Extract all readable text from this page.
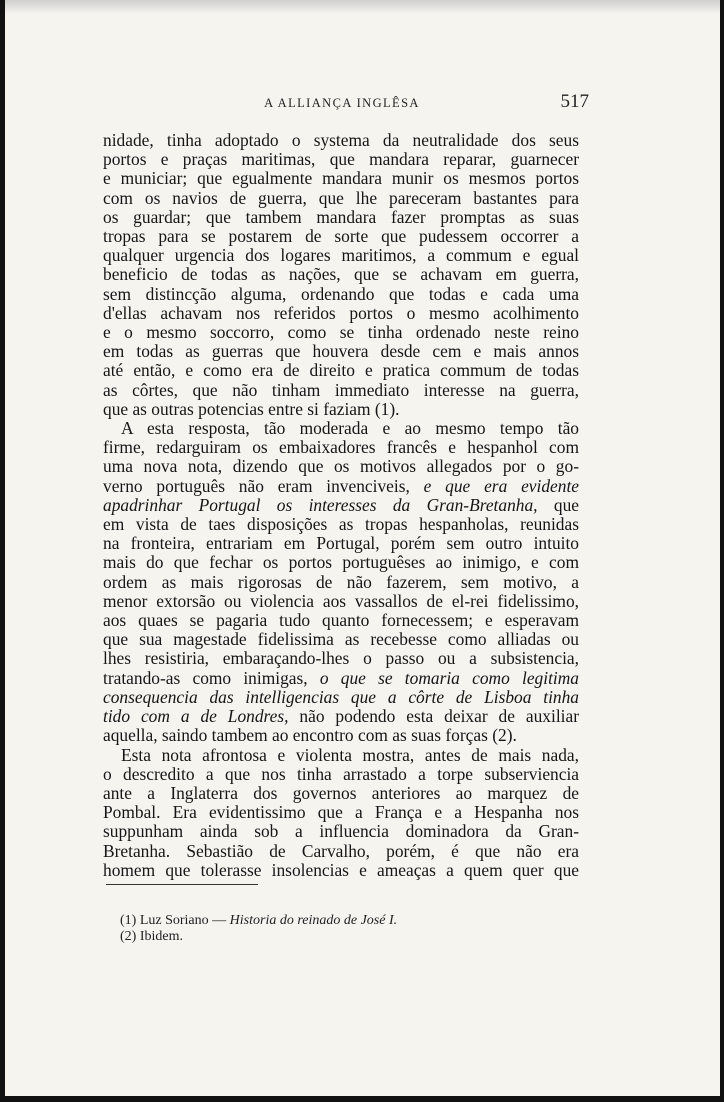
A ALLIANÇA INGLÊSA	517
nidade, tinha adoptado o systema da neutralidade dos seus
portos e praças maritimas, que mandara reparar, guarnecer
e municiar; que egualmente mandara munir os mesmos portos
com os navios de guerra, que lhe pareceram bastantes para
os guardar; que tambem mandara fazer promptas as suas
tropas para se postarem de sorte que pudessem occorrer a
qualquer urgencia dos logares maritimos, a commum e egual
beneficio de todas as nações, que se achavam em guerra,
sem distincção alguma, ordenando que todas e cada uma
d'ellas achavam nos referidos portos o mesmo acolhimento
e o mesmo soccorro, como se tinha ordenado neste reino
em todas as guerras que houvera desde cem e mais annos
até então, e como era de direito e pratica commum de todas
as côrtes, que não tinham immediato interesse na guerra,
que as outras potencias entre si faziam (1).
A esta resposta, tão moderada e ao mesmo tempo tão
firme, redarguiram os embaixadores francês e hespanhol com
uma nova nota, dizendo que os motivos allegados por o go-
verno português não eram invenciveis, e que era evidente
apadrinhar Portugal os interesses da Gran-Bretanha, que
em vista de taes disposições as tropas hespanholas, reunidas
na fronteira, entrariam em Portugal, porém sem outro intuito
mais do que fechar os portos portuguêses ao inimigo, e com
ordem as mais rigorosas de não fazerem, sem motivo, a
menor extorsão ou violencia aos vassallos de el-rei fidelissimo,
aos quaes se pagaria tudo quanto fornecessem; e esperavam
que sua magestade fidelissima as recebesse como alliadas ou
lhes resistiria, embaraçando-lhes o passo ou a subsistencia,
tratando-as como inimigas, o que se tomaria como legitima
consequencia das intelligencias que a côrte de Lisboa tinha
tido com a de Londres, não podendo esta deixar de auxiliar
aquella, saindo tambem ao encontro com as suas forças (2).
Esta nota afrontosa e violenta mostra, antes de mais nada,
o descredito a que nos tinha arrastado a torpe subserviencia
ante a Inglaterra dos governos anteriores ao marquez de
Pombal. Era evidentissimo que a França e a Hespanha nos
suppunham ainda sob a influencia dominadora da Gran-
Bretanha. Sebastião de Carvalho, porém, é que não era
homem que tolerasse insolencias e ameaças a quem quer que
(1) Luz Soriano — Historia do reinado de José I.
(2) Ibidem.
